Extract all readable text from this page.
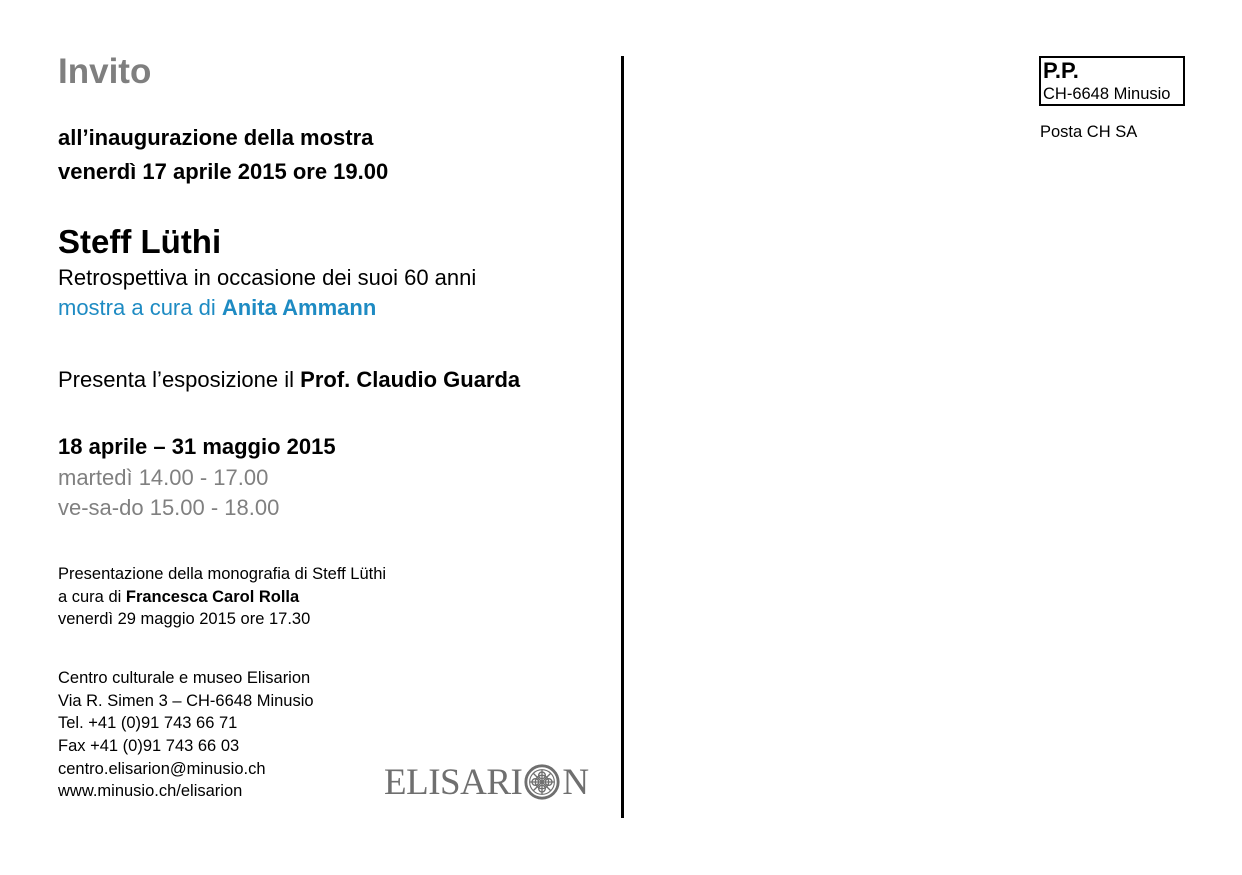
Invito
all’inaugurazione della mostra
venerdì 17 aprile 2015 ore 19.00
Steff Lüthi
Retrospettiva in occasione dei suoi 60 anni
mostra a cura di Anita Ammann
Presenta l’esposizione il Prof. Claudio Guarda
18 aprile – 31 maggio 2015
martedì 14.00 - 17.00
ve-sa-do 15.00 - 18.00
Presentazione della monografia di Steff Lüthi
a cura di Francesca Carol Rolla
venerdì 29 maggio 2015 ore 17.30
Centro culturale e museo Elisarion
Via R. Simen 3 – CH-6648 Minusio
Tel. +41 (0)91 743 66 71
Fax +41 (0)91 743 66 03
centro.elisarion@minusio.ch
www.minusio.ch/elisarion	ELISARI N
P.P.
CH-6648 Minusio
Posta CH SA
